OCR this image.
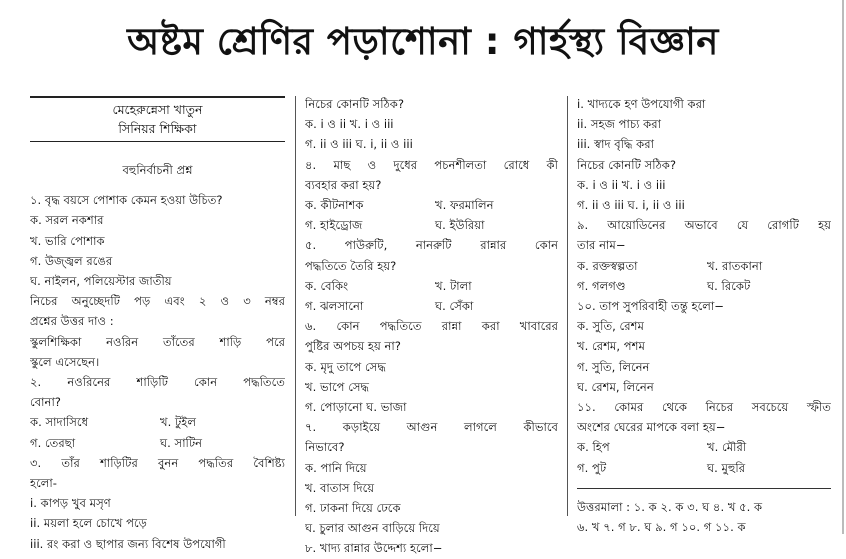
অষ্টম শ্রেণির পড়াশোনা : গার্হস্থ্য বিজ্ঞান
মেহেরুন্নেসা খাতুন
সিনিয়র শিক্ষিকা
বহুনির্বাচনী প্রশ্ন
১. বৃদ্ধ বয়সে পোশাক কেমন হওয়া উচিত?
ক. সরল নকশার
খ. ভারি পোশাক
গ. উজ্জ্বল রঙের
ঘ. নাইলন, পলিয়েস্টার জাতীয়
নিচের অনুচ্ছেদটি পড় এবং ২ ও ৩ নম্বর
প্রশ্নের উত্তর দাও :
স্কুলশিক্ষিকা নওরিন তাঁতের শাড়ি পরে
স্কুলে এসেছেন।
২. নওরিনের শাড়িটি কোন পদ্ধতিতে
বোনা?
ক. সাদাসিধে	খ. টুইল
গ. তেরছা	ঘ. সাটিন
৩. তাঁর শাড়িটির বুনন পদ্ধতির বৈশিষ্ট্য
হলো-
i. কাপড় খুব মসৃণ
ii. ময়লা হলে চোখে পড়ে
iii. রং করা ও ছাপার জন্য বিশেষ উপযোগী
নিচের কোনটি সঠিক?
ক. i ও ii খ. i ও iii
গ. ii ও iii ঘ. i, ii ও iii
৪. মাছ ও দুধের পচনশীলতা রোধে কী
ব্যবহার করা হয়?
ক. কীটনাশক	খ. ফরমালিন
গ. হাইড্রোজ	ঘ. ইউরিয়া
৫. পাউরুটি, নানরুটি রান্নার কোন
পদ্ধতিতে তৈরি হয়?
ক. বেকিং	খ. টালা
গ. ঝলসানো	ঘ. সেঁকা
৬. কোন পদ্ধতিতে রান্না করা খাবারের
পুষ্টির অপচয় হয় না?
ক. মৃদু তাপে সেদ্ধ
খ. ভাপে সেদ্ধ
গ. পোড়ানো ঘ. ভাজা
৭. কড়াইয়ে আগুন লাগলে কীভাবে
নিভাবে?
ক. পানি দিয়ে
খ. বাতাস দিয়ে
গ. ঢাকনা দিয়ে ঢেকে
ঘ. চুলার আগুন বাড়িয়ে দিয়ে
৮. খাদ্য রান্নার উদ্দেশ্য হলো−
i. খাদ্যকে হণ উপযোগী করা
ii. সহজ পাচ্য করা
iii. স্বাদ বৃদ্ধি করা
নিচের কোনটি সঠিক?
ক. i ও ii খ. i ও iii
গ. ii ও iii ঘ. i, ii ও iii
৯. আয়োডিনের অভাবে যে রোগটি হয়
তার নাম−
ক. রক্তস্বল্পতা	খ. রাতকানা
গ. গলগণ্ড	ঘ. রিকেট
১০. তাপ সুপরিবাহী তন্তু হলো−
ক. সুতি, রেশম
খ. রেশম, পশম
গ. সুতি, লিনেন
ঘ. রেশম, লিনেন
১১. কোমর থেকে নিচের সবচেয়ে স্ফীত
অংশের ঘেরের মাপকে বলা হয়−
ক. হিপ	খ. মৌরী
গ. পুট	ঘ. মুহুরি
উত্তরমালা : ১. ক ২. ক ৩. ঘ ৪. খ ৫. ক
৬. খ ৭. গ ৮. ঘ ৯. গ ১০. গ ১১. ক
